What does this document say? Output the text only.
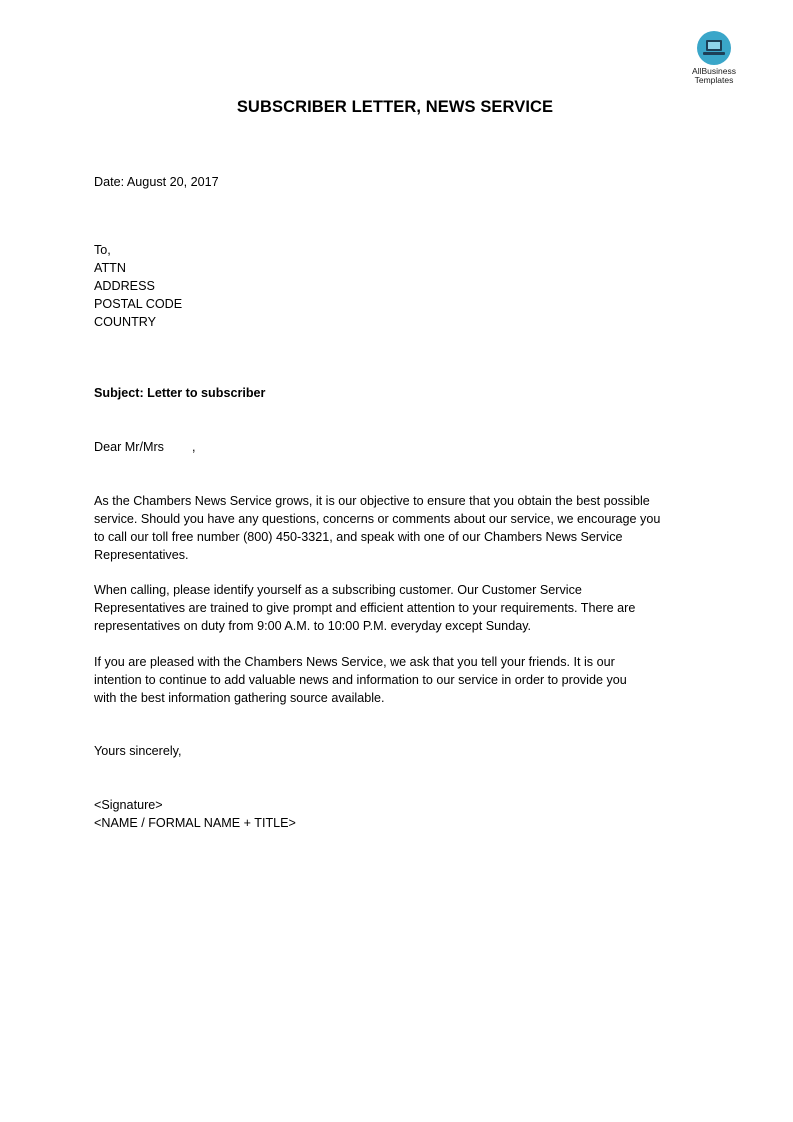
AllBusiness
Templates
SUBSCRIBER LETTER, NEWS SERVICE
Date: August 20, 2017
To,
ATTN
ADDRESS
POSTAL CODE
COUNTRY
Subject: Letter to subscriber
Dear Mr/Mrs        ,
As the Chambers News Service grows, it is our objective to ensure that you obtain the best possible
service. Should you have any questions, concerns or comments about our service, we encourage you
to call our toll free number (800) 450-3321, and speak with one of our Chambers News Service
Representatives.
When calling, please identify yourself as a subscribing customer. Our Customer Service
Representatives are trained to give prompt and efficient attention to your requirements. There are
representatives on duty from 9:00 A.M. to 10:00 P.M. everyday except Sunday.
If you are pleased with the Chambers News Service, we ask that you tell your friends. It is our
intention to continue to add valuable news and information to our service in order to provide you
with the best information gathering source available.
Yours sincerely,
<Signature>
<NAME / FORMAL NAME + TITLE>
